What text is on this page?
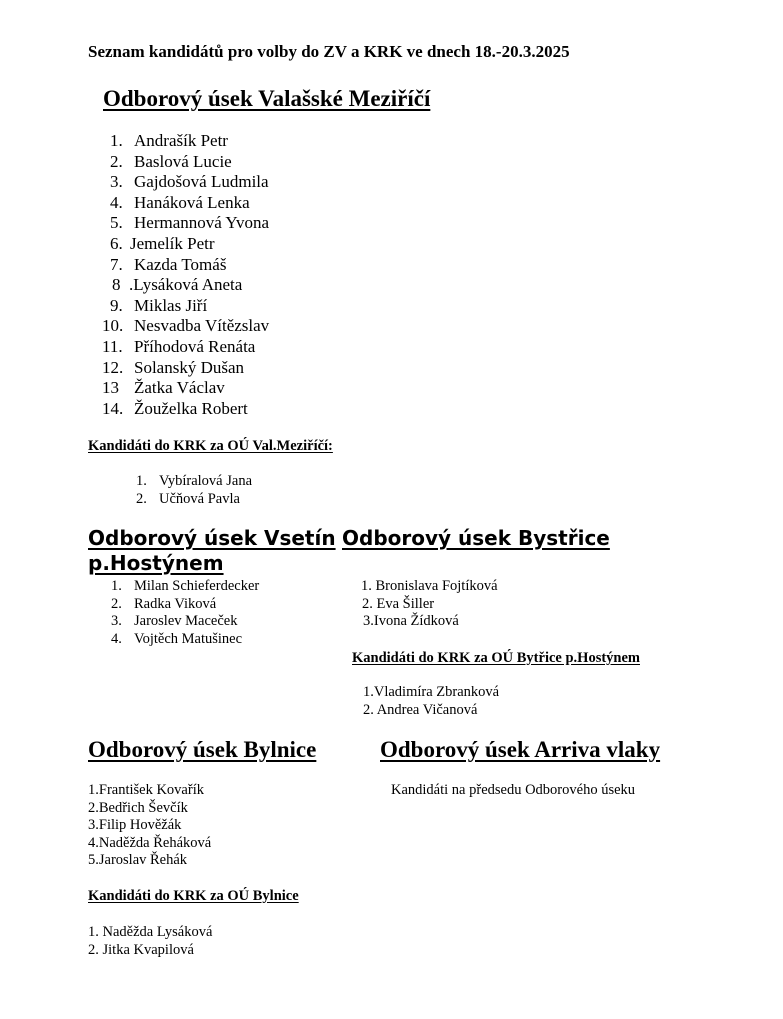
Seznam kandidátů pro volby do ZV a KRK ve dnech 18.-20.3.2025
Odborový úsek Valašské Meziříčí
1. Andrašík Petr
2. Baslová Lucie
3. Gajdošová Ludmila
4. Hanáková Lenka
5. Hermannová Yvona
6. Jemelík Petr
7. Kazda Tomáš
8 .Lysáková Aneta
9. Miklas Jiří
10. Nesvadba Vítězslav
11. Příhodová Renáta
12. Solanský Dušan
13 Žatka Václav
14. Žouželka Robert
Kandidáti do KRK za OÚ Val.Meziříčí:
1. Vybíralová Jana
2. Učňová Pavla
Odborový úsek Vsetín
p.Hostýnem
1. Milan Schieferdecker
2. Radka Viková
3. Jaroslev Maceček
4. Vojtěch Matušinec
Odborový úsek Bystřice
1. Bronislava Fojtíková
2. Eva Šiller
3.Ivona Žídková
Kandidáti do KRK za OÚ Bytřice p.Hostýnem
1.Vladimíra Zbranková
2. Andrea Vičanová
Odborový úsek Bylnice
1.František Kovařík
2.Bedřich Ševčík
3.Filip Hověžák
4.Naděžda Řeháková
5.Jaroslav Řehák
Kandidáti do KRK za OÚ Bylnice
1. Naděžda Lysáková
2. Jitka Kvapilová
Odborový úsek Arriva vlaky
Kandidáti na předsedu Odborového úseku
